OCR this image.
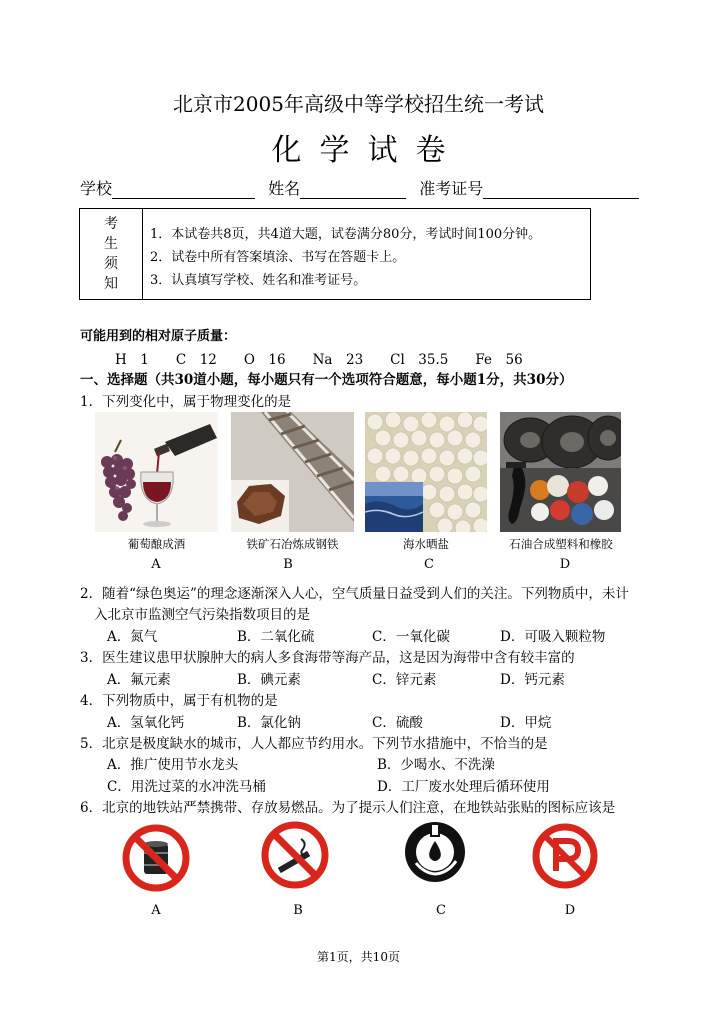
北京市2005年高级中等学校招生统一考试
化学试卷
学校	姓名	准考证号
考
生
须
知
1．本试卷共8页，共4道大题，试卷满分80分，考试时间100分钟。
2．试卷中所有答案填涂、书写在答题卡上。
3．认真填写学校、姓名和准考证号。
可能用到的相对原子质量：
H　1　　C　12　　O　16　　Na　23　　Cl　35.5　　Fe　56
一、选择题（共30道小题，每小题只有一个选项符合题意，每小题1分，共30分）
1．下列变化中，属于物理变化的是
葡萄酿成酒	铁矿石冶炼成钢铁	海水晒盐	石油合成塑料和橡胶
A	B	C	D
2．随着“绿色奥运”的理念逐渐深入人心，空气质量日益受到人们的关注。下列物质中，未计
入北京市监测空气污染指数项目的是
A．氮气	B．二氧化硫	C．一氧化碳	D．可吸入颗粒物
3．医生建议患甲状腺肿大的病人多食海带等海产品，这是因为海带中含有较丰富的
A．氟元素	B．碘元素	C．锌元素	D．钙元素
4．下列物质中，属于有机物的是
A．氢氧化钙	B．氯化钠	C．硫酸	D．甲烷
5．北京是极度缺水的城市，人人都应节约用水。下列节水措施中，不恰当的是
A．推广使用节水龙头	B．少喝水、不洗澡
C．用洗过菜的水冲洗马桶	D．工厂废水处理后循环使用
6．北京的地铁站严禁携带、存放易燃品。为了提示人们注意，在地铁站张贴的图标应该是
A	B	C	D
第1页，共10页
